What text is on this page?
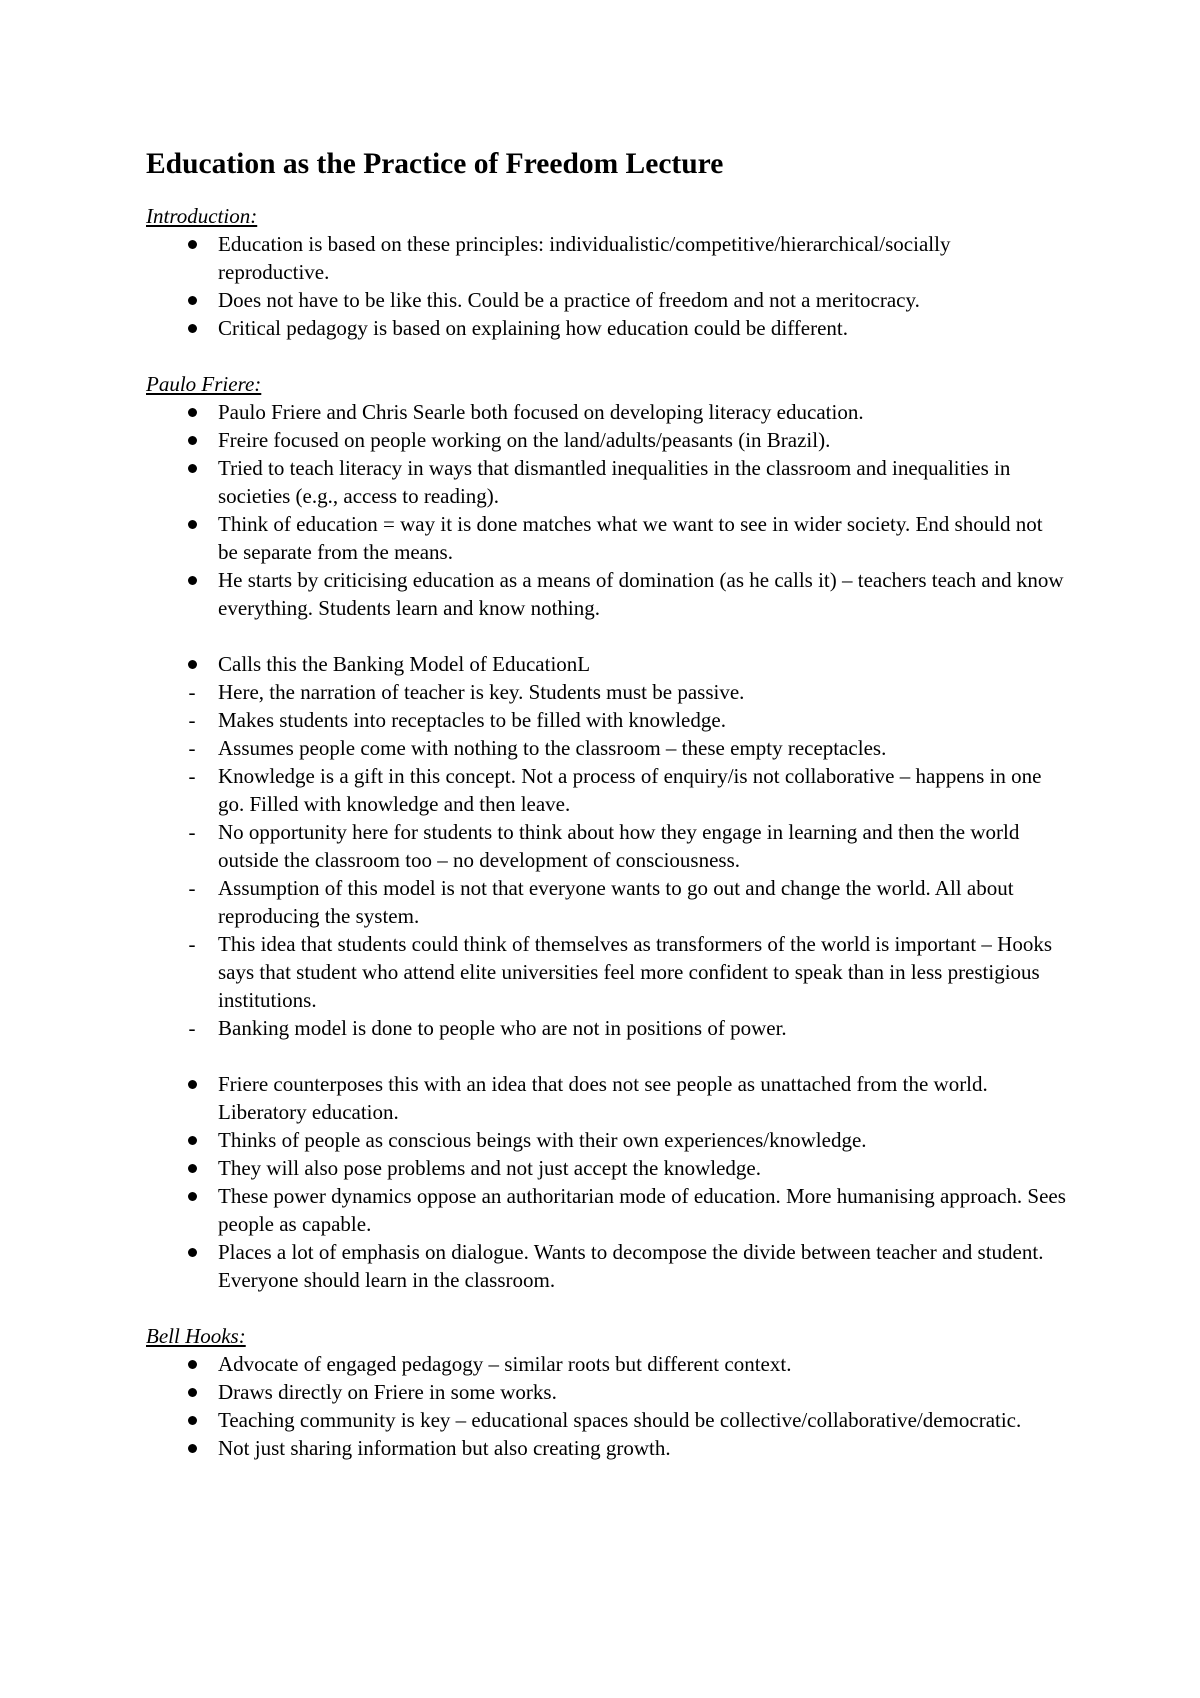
Education as the Practice of Freedom Lecture

Introduction:

Education is based on these principles: individualistic/competitive/hierarchical/socially reproductive.
Does not have to be like this. Could be a practice of freedom and not a meritocracy.
Critical pedagogy is based on explaining how education could be different.

Paulo Friere:

Paulo Friere and Chris Searle both focused on developing literacy education.
Freire focused on people working on the land/adults/peasants (in Brazil).
Tried to teach literacy in ways that dismantled inequalities in the classroom and inequalities in societies (e.g., access to reading).
Think of education = way it is done matches what we want to see in wider society. End should not be separate from the means.
He starts by criticising education as a means of domination (as he calls it) – teachers teach and know everything. Students learn and know nothing.
Calls this the Banking Model of EducationL
-	Here, the narration of teacher is key. Students must be passive.
-	Makes students into receptacles to be filled with knowledge.
-	Assumes people come with nothing to the classroom – these empty receptacles.
-	Knowledge is a gift in this concept. Not a process of enquiry/is not collaborative – happens in one go. Filled with knowledge and then leave.
-	No opportunity here for students to think about how they engage in learning and then the world outside the classroom too – no development of consciousness.
-	Assumption of this model is not that everyone wants to go out and change the world. All about reproducing the system.
-	This idea that students could think of themselves as transformers of the world is important – Hooks says that student who attend elite universities feel more confident to speak than in less prestigious institutions.
-	Banking model is done to people who are not in positions of power.
Friere counterposes this with an idea that does not see people as unattached from the world. Liberatory education.
Thinks of people as conscious beings with their own experiences/knowledge.
They will also pose problems and not just accept the knowledge.
These power dynamics oppose an authoritarian mode of education. More humanising approach. Sees people as capable.
Places a lot of emphasis on dialogue. Wants to decompose the divide between teacher and student. Everyone should learn in the classroom.

Bell Hooks:

Advocate of engaged pedagogy – similar roots but different context.
Draws directly on Friere in some works.
Teaching community is key – educational spaces should be collective/collaborative/democratic.
Not just sharing information but also creating growth.
